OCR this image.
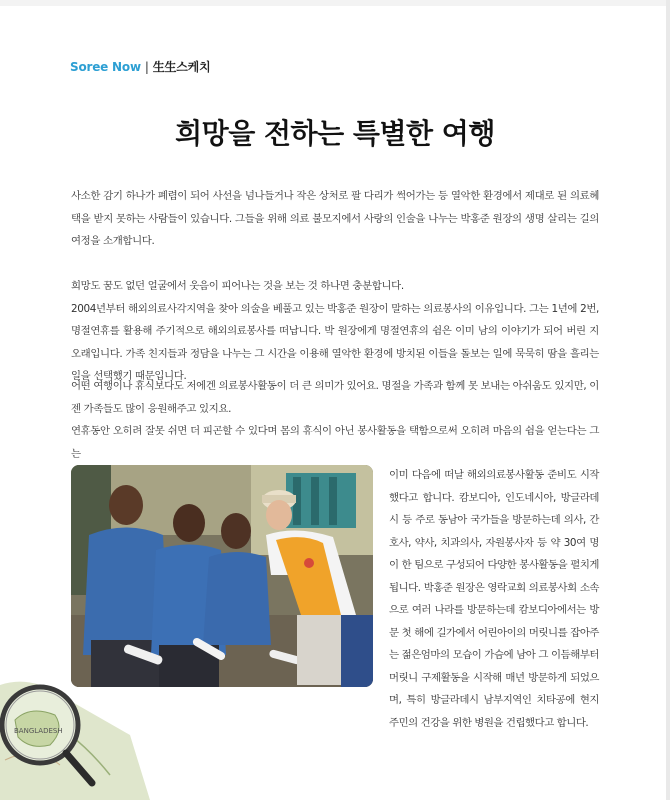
Soree Now | 生生스케치
희망을 전하는 특별한 여행

사소한 감기 하나가 폐렴이 되어 사선을 넘나들거나 작은 상처로 팔 다리가 썩어가는 등 열악한 환경에서 제대로 된 의료혜택을 받지 못하는 사람들이 있습니다. 그들을 위해 의료 불모지에서 사랑의 인술을 나누는 박홍준 원장의 생명 살리는 길의 여정을 소개합니다.

희망도 꿈도 없던 얼굴에서 웃음이 피어나는 것을 보는 것 하나면 충분합니다.

2004년부터 해외의료사각지역을 찾아 의술을 베풀고 있는 박홍준 원장이 말하는 의료봉사의 이유입니다. 그는 1년에 2번, 명절연휴를 활용해 주기적으로 해외의료봉사를 떠납니다. 박 원장에게 명절연휴의 쉼은 이미 남의 이야기가 되어 버린 지 오래입니다. 가족 친지들과 정담을 나누는 그 시간을 이용해 열악한 환경에 방치된 이들을 돌보는 일에 묵묵히 땀을 흘리는 일을 선택했기 때문입니다.

어떤 여행이나 휴식보다도 저에겐 의료봉사활동이 더 큰 의미가 있어요. 명절을 가족과 함께 못 보내는 아쉬움도 있지만, 이젠 가족들도 많이 응원해주고 있지요.

연휴동안 오히려 잘못 쉬면 더 피곤할 수 있다며 몸의 휴식이 아닌 봉사활동을 택함으로써 오히려 마음의 쉼을 얻는다는 그는

이미 다음에 떠날 해외의료봉사활동 준비도 시작했다고 합니다. 캄보디아, 인도네시아, 방글라데시 등 주로 동남아 국가들을 방문하는데 의사, 간호사, 약사, 치과의사, 자원봉사자 등 약 30여 명이 한 팀으로 구성되어 다양한 봉사활동을 펼치게 됩니다. 박홍준 원장은 영락교회 의료봉사회 소속으로 여러 나라를 방문하는데 캄보디아에서는 방문 첫 해에 길가에서 어린아이의 머릿니를 잡아주는 젊은엄마의 모습이 가슴에 남아 그 이듬해부터 머릿니 구제활동을 시작해 매년 방문하게 되었으며, 특히 방글라데시 남부지역인 치타공에 현지 주민의 건강을 위한 병원을 건립했다고 합니다.

BANGLADESH
